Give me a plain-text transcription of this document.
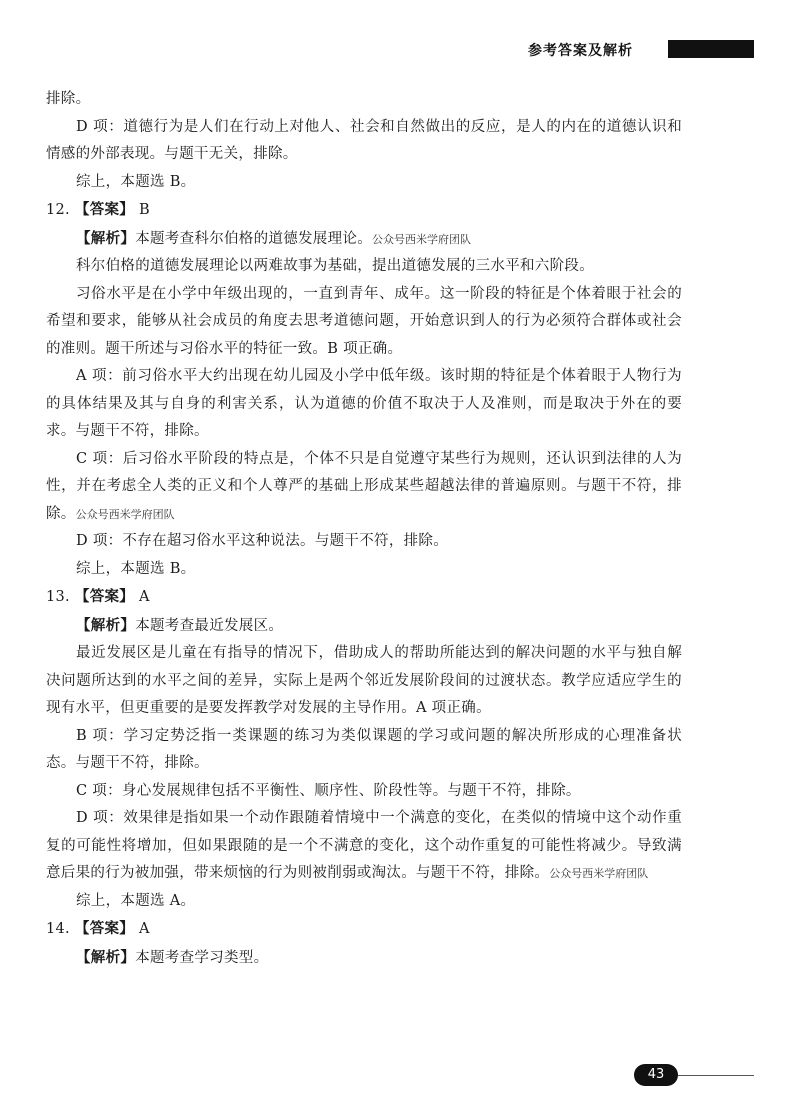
参考答案及解析

排除。

D 项：道德行为是人们在行动上对他人、社会和自然做出的反应，是人的内在的道德认识和情感的外部表现。与题干无关，排除。

综上，本题选 B。

12. 【答案】 B

【解析】本题考查科尔伯格的道德发展理论。公众号西米学府团队

科尔伯格的道德发展理论以两难故事为基础，提出道德发展的三水平和六阶段。

习俗水平是在小学中年级出现的，一直到青年、成年。这一阶段的特征是个体着眼于社会的希望和要求，能够从社会成员的角度去思考道德问题，开始意识到人的行为必须符合群体或社会的准则。题干所述与习俗水平的特征一致。B 项正确。

A 项：前习俗水平大约出现在幼儿园及小学中低年级。该时期的特征是个体着眼于人物行为的具体结果及其与自身的利害关系，认为道德的价值不取决于人及准则，而是取决于外在的要求。与题干不符，排除。

C 项：后习俗水平阶段的特点是，个体不只是自觉遵守某些行为规则，还认识到法律的人为性，并在考虑全人类的正义和个人尊严的基础上形成某些超越法律的普遍原则。与题干不符，排除。公众号西米学府团队

D 项：不存在超习俗水平这种说法。与题干不符，排除。

综上，本题选 B。

13. 【答案】 A

【解析】本题考查最近发展区。

最近发展区是儿童在有指导的情况下，借助成人的帮助所能达到的解决问题的水平与独自解决问题所达到的水平之间的差异，实际上是两个邻近发展阶段间的过渡状态。教学应适应学生的现有水平，但更重要的是要发挥教学对发展的主导作用。A 项正确。

B 项：学习定势泛指一类课题的练习为类似课题的学习或问题的解决所形成的心理准备状态。与题干不符，排除。

C 项：身心发展规律包括不平衡性、顺序性、阶段性等。与题干不符，排除。

D 项：效果律是指如果一个动作跟随着情境中一个满意的变化，在类似的情境中这个动作重复的可能性将增加，但如果跟随的是一个不满意的变化，这个动作重复的可能性将减少。导致满意后果的行为被加强，带来烦恼的行为则被削弱或淘汰。与题干不符，排除。公众号西米学府团队

综上，本题选 A。

14. 【答案】 A

【解析】本题考查学习类型。

43
